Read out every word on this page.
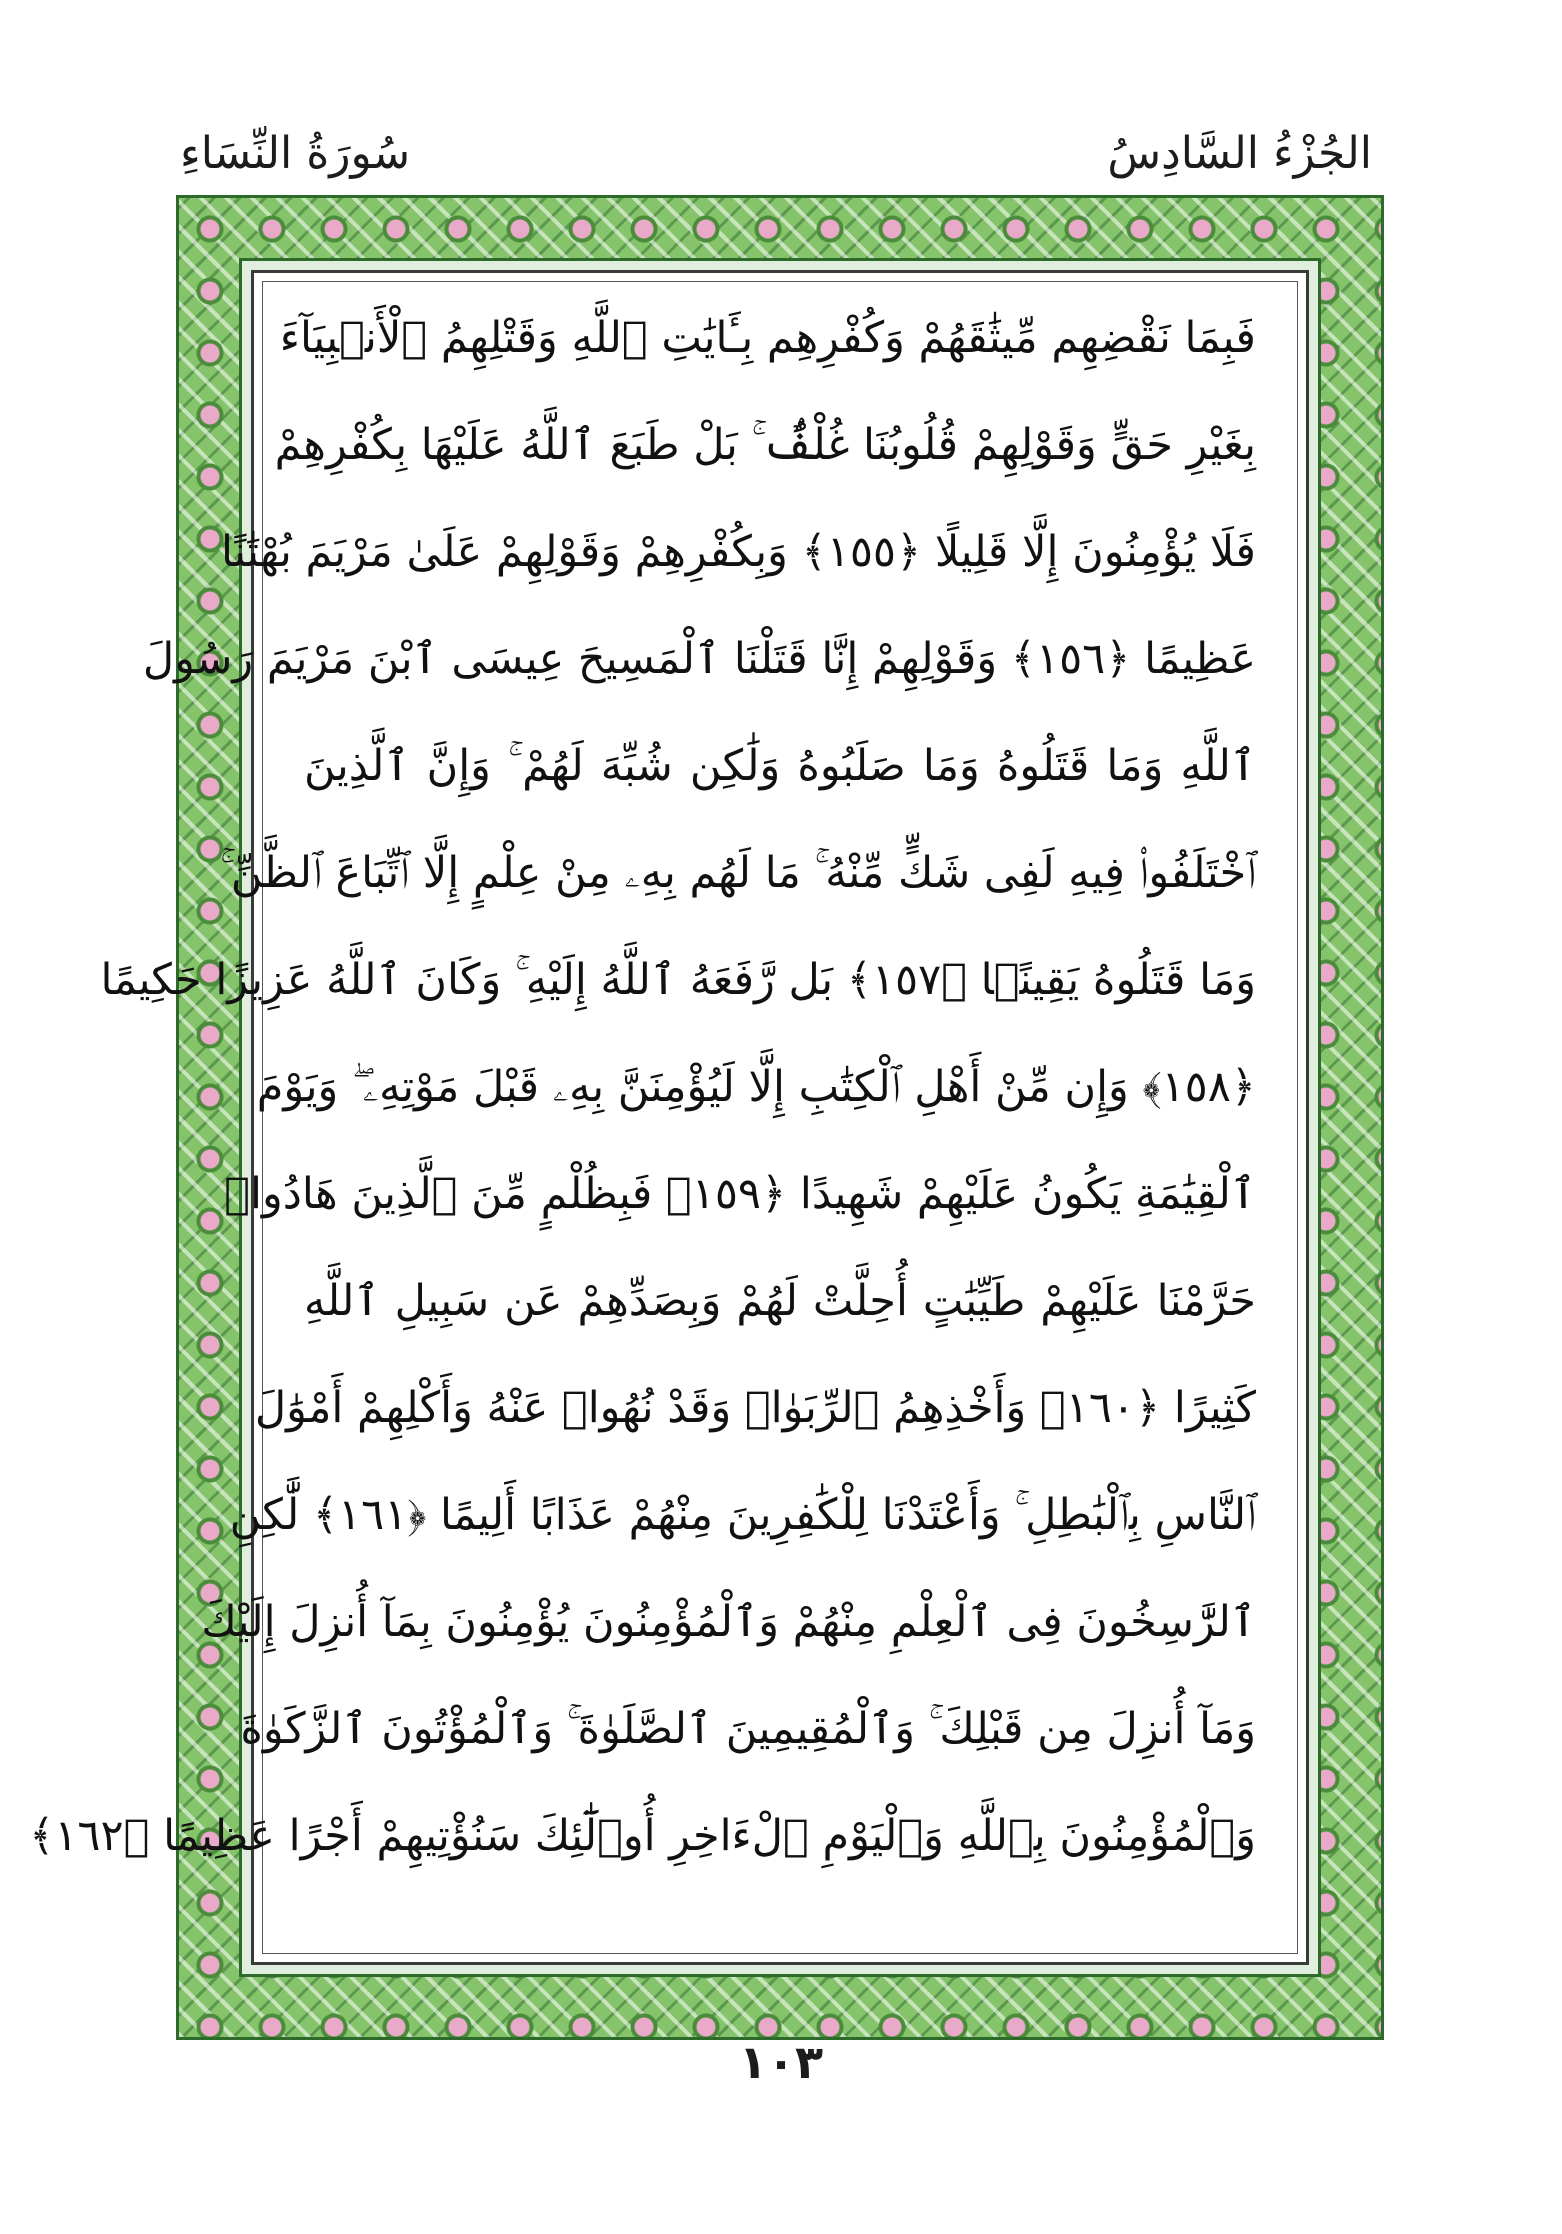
الجُزْءُ السَّادِسُ
سُورَةُ النِّسَاءِ
فَبِمَا نَقْضِهِم مِّيثَٰقَهُمْ وَكُفْرِهِم بِـَٔايَٰتِ ٱللَّهِ وَقَتْلِهِمُ ٱلْأَنۢبِيَآءَ
بِغَيْرِ حَقٍّ وَقَوْلِهِمْ قُلُوبُنَا غُلْفٌۢ ۚ بَلْ طَبَعَ ٱللَّهُ عَلَيْهَا بِكُفْرِهِمْ
فَلَا يُؤْمِنُونَ إِلَّا قَلِيلًا ﴿١٥٥﴾ وَبِكُفْرِهِمْ وَقَوْلِهِمْ عَلَىٰ مَرْيَمَ بُهْتَٰنًا
عَظِيمًا ﴿١٥٦﴾ وَقَوْلِهِمْ إِنَّا قَتَلْنَا ٱلْمَسِيحَ عِيسَى ٱبْنَ مَرْيَمَ رَسُولَ
ٱللَّهِ وَمَا قَتَلُوهُ وَمَا صَلَبُوهُ وَلَٰكِن شُبِّهَ لَهُمْ ۚ وَإِنَّ ٱلَّذِينَ
ٱخْتَلَفُوا۟ فِيهِ لَفِى شَكٍّ مِّنْهُ ۚ مَا لَهُم بِهِۦ مِنْ عِلْمٍ إِلَّا ٱتِّبَاعَ ٱلظَّنِّ ۚ
وَمَا قَتَلُوهُ يَقِينًۢا ﴿١٥٧﴾ بَل رَّفَعَهُ ٱللَّهُ إِلَيْهِ ۚ وَكَانَ ٱللَّهُ عَزِيزًا حَكِيمًا
﴿١٥٨﴾ وَإِن مِّنْ أَهْلِ ٱلْكِتَٰبِ إِلَّا لَيُؤْمِنَنَّ بِهِۦ قَبْلَ مَوْتِهِۦ ۖ وَيَوْمَ
ٱلْقِيَٰمَةِ يَكُونُ عَلَيْهِمْ شَهِيدًا ﴿١٥٩﴾ فَبِظُلْمٍ مِّنَ ٱلَّذِينَ هَادُوا۟
حَرَّمْنَا عَلَيْهِمْ طَيِّبَٰتٍ أُحِلَّتْ لَهُمْ وَبِصَدِّهِمْ عَن سَبِيلِ ٱللَّهِ
كَثِيرًا ﴿١٦٠﴾ وَأَخْذِهِمُ ٱلرِّبَوٰا۟ وَقَدْ نُهُوا۟ عَنْهُ وَأَكْلِهِمْ أَمْوَٰلَ
ٱلنَّاسِ بِٱلْبَٰطِلِ ۚ وَأَعْتَدْنَا لِلْكَٰفِرِينَ مِنْهُمْ عَذَابًا أَلِيمًا ﴿١٦١﴾ لَّٰكِنِ
ٱلرَّٰسِخُونَ فِى ٱلْعِلْمِ مِنْهُمْ وَٱلْمُؤْمِنُونَ يُؤْمِنُونَ بِمَآ أُنزِلَ إِلَيْكَ
وَمَآ أُنزِلَ مِن قَبْلِكَ ۚ وَٱلْمُقِيمِينَ ٱلصَّلَوٰةَ ۚ وَٱلْمُؤْتُونَ ٱلزَّكَوٰةَ
وَٱلْمُؤْمِنُونَ بِٱللَّهِ وَٱلْيَوْمِ ٱلْءَاخِرِ أُو۟لَٰٓئِكَ سَنُؤْتِيهِمْ أَجْرًا عَظِيمًا ﴿١٦٢﴾
١٠٣
